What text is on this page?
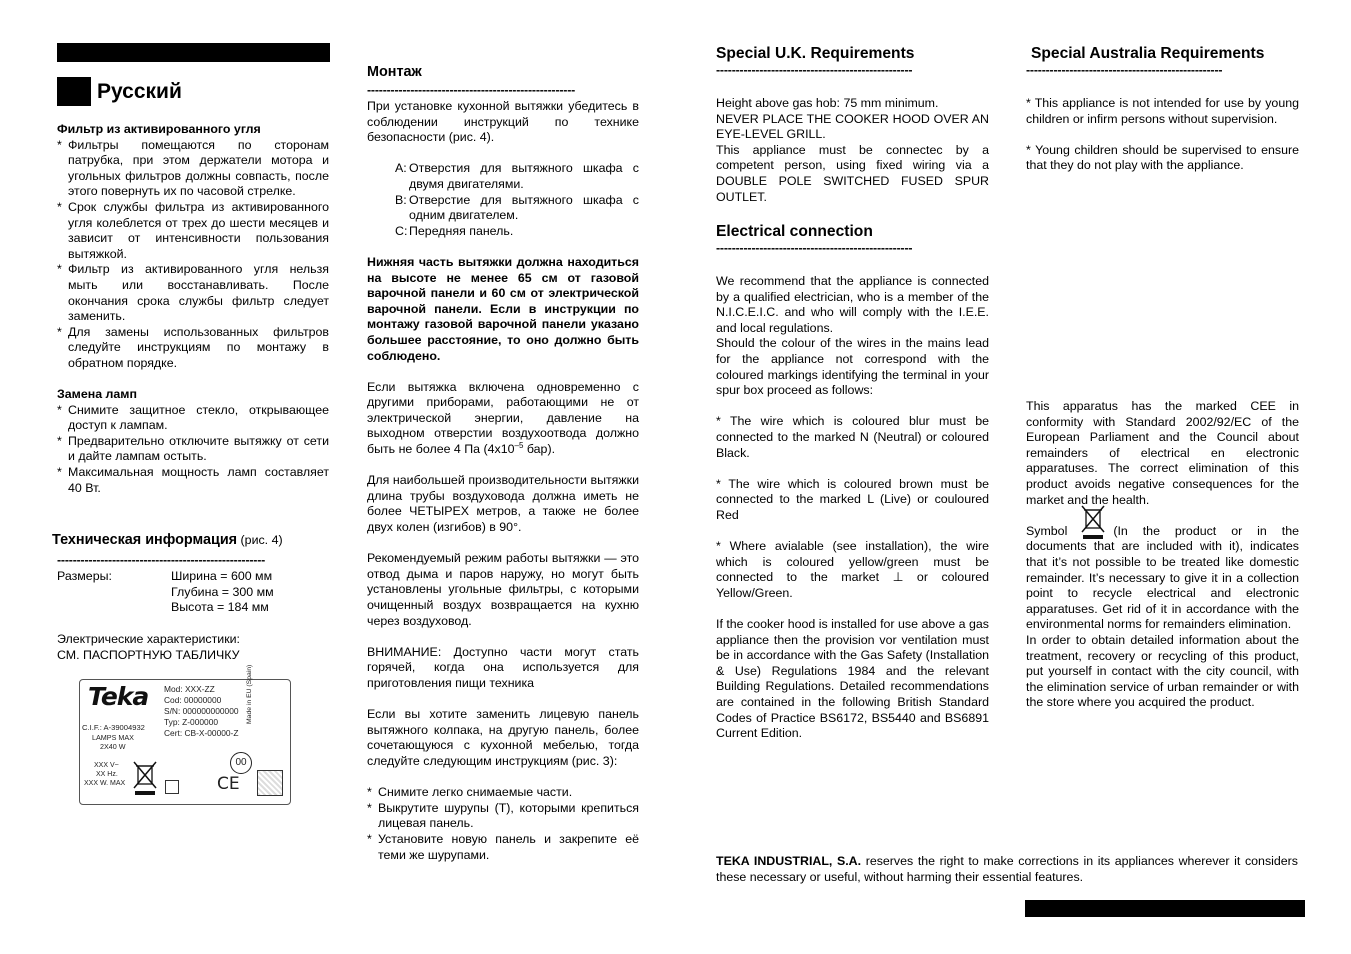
Русский
Фильтр из активированного угля
* Фильтры помещаются по сторонам патрубка, при этом держатели мотора и угольных фильтров должны совпасть, после этого повернуть их по часовой стрелке.
* Срок службы фильтра из активированного угля колеблется от трех до шести месяцев и зависит от интенсивности пользования вытяжкой.
* Фильтр из активированного угля нельзя мыть или восстанавливать. После окончания срока службы фильтр следует заменить.
* Для замены использованных фильтров следуйте инструкциям по монтажу в обратном порядке.
Замена ламп
* Снимите защитное стекло, открывающее доступ к лампам.
* Предварительно отключите вытяжку от сети и дайте лампам остыть.
* Максимальная мощность ламп составляет 40 Вт.
Техническая информация (рис. 4)
-----------------------------------------------------
Размеры:	Ширина = 600 мм
Глубина = 300 мм
Высота = 184 мм
Электрические характеристики:
СМ. ПАСПОРТНУЮ ТАБЛИЧКУ
Teka Mod: XXX-ZZ
Cod: 00000000
S/N: 000000000000
Typ: Z-000000
Cert: CB-X-00000-Z
C.I.F.: A-39004932
LAMPS MAX
2X40 W
XXX V~
XX Hz.
XXX W. MAX
Made in EU (Spain)
00
CE
Монтаж
-----------------------------------------------------

При установке кухонной вытяжки убедитесь в соблюдении инструкций по технике безопасности (рис. 4).

A: Отверстия для вытяжного шкафа с двумя двигателями.
B: Отверстие для вытяжного шкафа с одним двигателем.
C: Передняя панель.

Нижняя часть вытяжки должна находиться на высоте не менее 65 см от газовой варочной панели и 60 см от электрической варочной панели. Если в инструкции по монтажу газовой варочной панели указано большее расстояние, то оно должно быть соблюдено.

Если вытяжка включена одновременно с другими приборами, работающими не от электрической энергии, давление на выходном отверстии воздухоотвода должно быть не более 4 Па ($4x10^{-5}$ бар).

Для наибольшей производительности вытяжки длина трубы воздуховода должна иметь не более ЧЕТЫРЕХ метров, а также не более двух колен (изгибов) в 90°.

Рекомендуемый режим работы вытяжки — это отвод дыма и паров наружу, но могут быть установлены угольные фильтры, с которыми очищенный воздух возвращается на кухню через воздуховод.

ВНИМАНИЕ: Доступно части могут стать горячей, когда она используется для приготовления пищи техника

Если вы хотите заменить лицевую панель вытяжного колпака, на другую панель, более сочетающуюся с кухонной мебелью, тогда следуйте следующим инструкциям (рис. 3):

* Снимите легко снимаемые части.
* Выкрутите шурупы (T), которыми крепиться лицевая панель.
* Установите новую панель и закрепите её теми же шурупами.
Special U.K. Requirements
--------------------------------------------------

Height above gas hob: 75 mm minimum.

NEVER PLACE THE COOKER HOOD OVER AN EYE-LEVEL GRILL.

This appliance must be connectec by a competent person, using fixed wiring via a DOUBLE POLE SWITCHED FUSED SPUR OUTLET.

Electrical connection
--------------------------------------------------

We recommend that the appliance is connected by a qualified electrician, who is a member of the N.I.C.E.I.C. and who will comply with the I.E.E. and local regulations.

Should the colour of the wires in the mains lead for the appliance not correspond with the coloured markings identifying the terminal in your spur box proceed as follows:

* The wire which is coloured blur must be connected to the marked N (Neutral) or coloured Black.

* The wire which is coloured brown must be connected to the marked L (Live) or couloured Red

* Where avialable (see installation), the wire which is coloured yellow/green must be connected to the market ⊥ or coloured Yellow/Green.

If the cooker hood is installed for use above a gas appliance then the provision vor ventilation must be in accordance with the Gas Safety (Installation & Use) Regulations 1984 and the relevant Building Regulations. Detailed recommendations are contained in the following British Standard Codes of Practice BS6172, BS5440 and BS6891 Current Edition.

Special Australia Requirements
--------------------------------------------------

* This appliance is not intended for use by young children or infirm persons without supervision.

* Young children should be supervised to ensure that they do not play with the appliance.

This apparatus has the marked CEE in conformity with Standard 2002/92/EC of the European Parliament and the Council about remainders of electrical en electronic apparatuses. The correct elimination of this product avoids negative consequences for the market and the health.

Symbol	(In the product or in the documents that are included with it), indicates that it’s not possible to be treated like domestic remainder. It’s necessary to give it in a collection point to recycle electrical and electronic apparatuses. Get rid of it in accordance with the environmental norms for remainders elimination.

In order to obtain detailed information about the treatment, recovery or recycling of this product, put yourself in contact with the city council, with the elimination service of urban remainder or with the store where you acquired the product.

TEKA INDUSTRIAL, S.A. reserves the right to make corrections in its appliances wherever it considers these necessary or useful, without harming their essential features.
